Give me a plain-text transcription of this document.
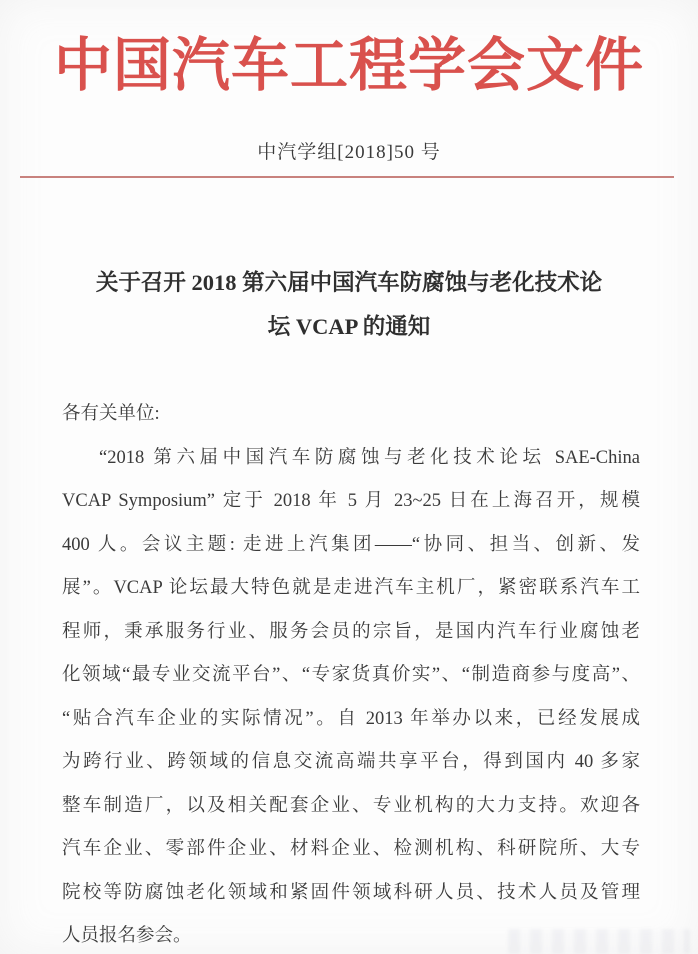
中国汽车工程学会文件
中汽学组[2018]50 号
关于召开 2018 第六届中国汽车防腐蚀与老化技术论
坛 VCAP 的通知
各有关单位:
“2018 第六届中国汽车防腐蚀与老化技术论坛 SAE-China
VCAP Symposium” 定于 2018 年 5 月 23~25 日在上海召开，规模
400 人。会议主题: 走进上汽集团——“协同、担当、创新、发
展”。VCAP 论坛最大特色就是走进汽车主机厂，紧密联系汽车工
程师，秉承服务行业、服务会员的宗旨，是国内汽车行业腐蚀老
化领域“最专业交流平台”、“专家货真价实”、“制造商参与度高”、
“贴合汽车企业的实际情况”。自 2013 年举办以来，已经发展成
为跨行业、跨领域的信息交流高端共享平台，得到国内 40 多家
整车制造厂，以及相关配套企业、专业机构的大力支持。欢迎各
汽车企业、零部件企业、材料企业、检测机构、科研院所、大专
院校等防腐蚀老化领域和紧固件领域科研人员、技术人员及管理
人员报名参会。
